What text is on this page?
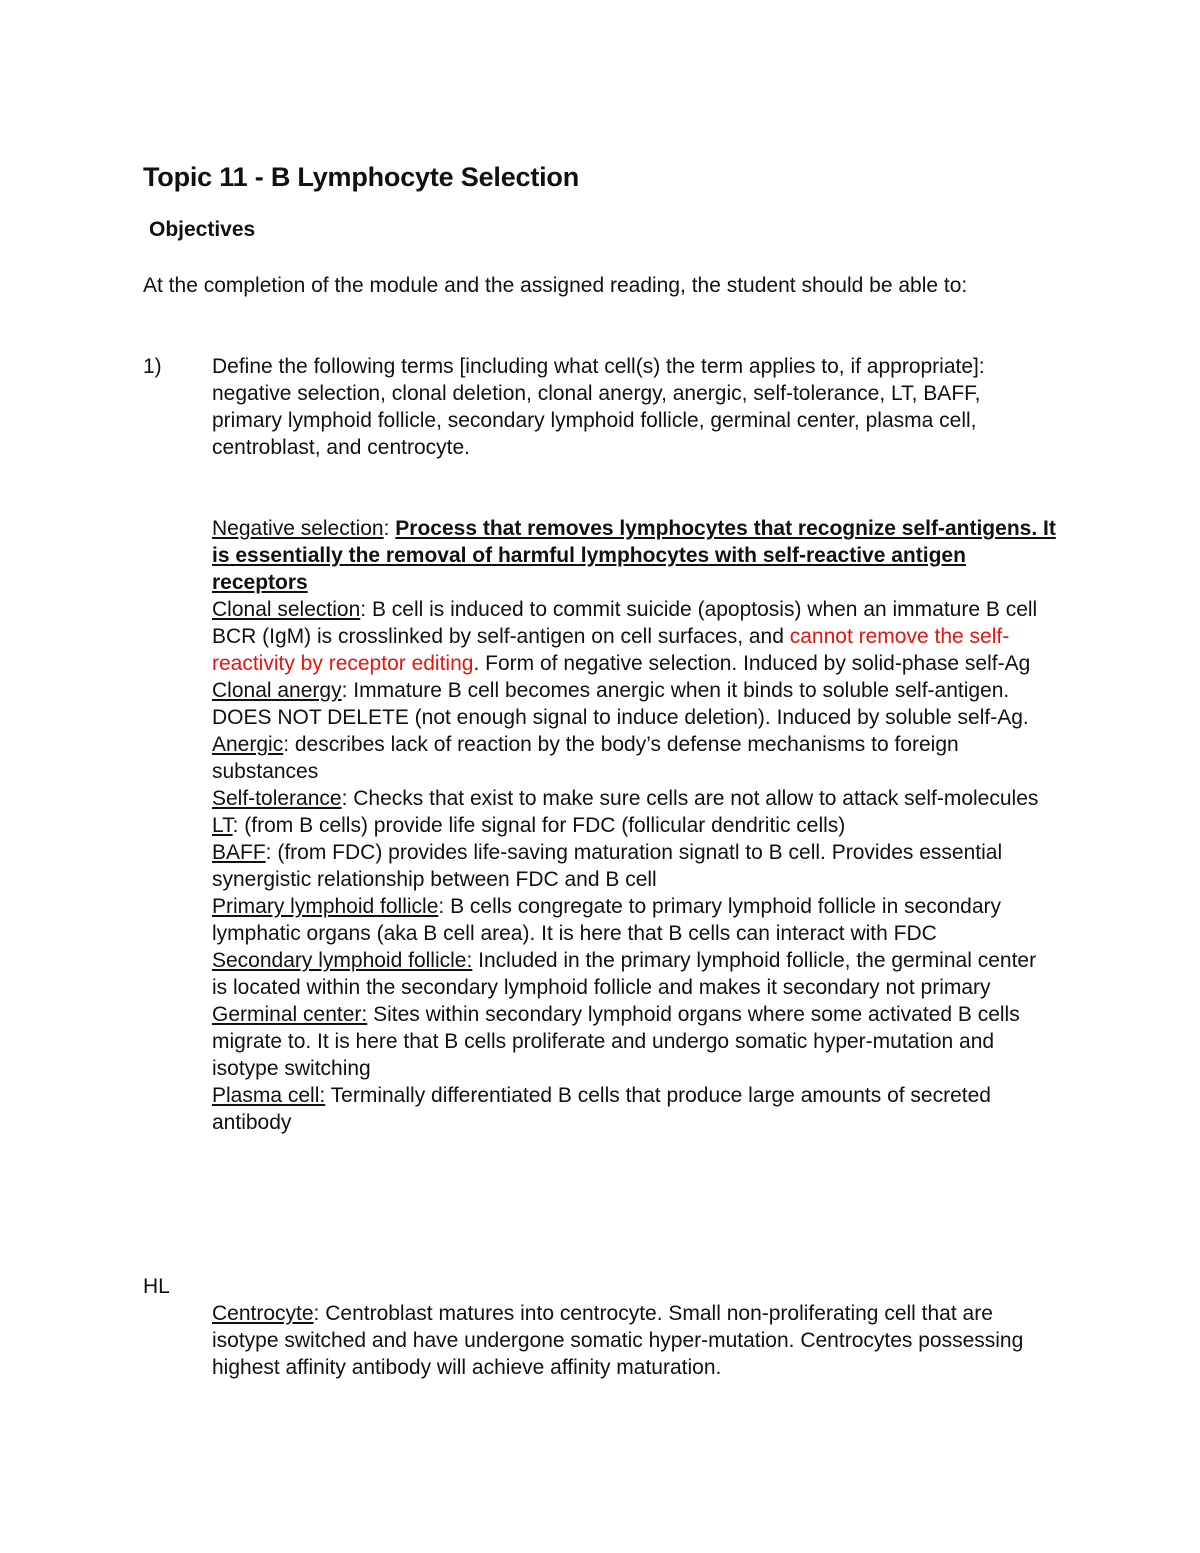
Topic 11 - B Lymphocyte Selection
Objectives

At the completion of the module and the assigned reading, the student should be able to:

1) Define the following terms [including what cell(s) the term applies to, if appropriate]:
negative selection, clonal deletion, clonal anergy, anergic, self-tolerance, LT, BAFF, primary lymphoid follicle, secondary lymphoid follicle, germinal center, plasma cell, centroblast, and centrocyte.

Negative selection: Process that removes lymphocytes that recognize self-antigens. It is essentially the removal of harmful lymphocytes with self-reactive antigen receptors

Clonal selection: B cell is induced to commit suicide (apoptosis) when an immature B cell BCR (IgM) is crosslinked by self-antigen on cell surfaces, and cannot remove the self-reactivity by receptor editing. Form of negative selection. Induced by solid-phase self-Ag

Clonal anergy: Immature B cell becomes anergic when it binds to soluble self-antigen. DOES NOT DELETE (not enough signal to induce deletion). Induced by soluble self-Ag.

Anergic: describes lack of reaction by the body’s defense mechanisms to foreign substances

Self-tolerance: Checks that exist to make sure cells are not allow to attack self-molecules

LT: (from B cells) provide life signal for FDC (follicular dendritic cells)

BAFF: (from FDC) provides life-saving maturation signatl to B cell. Provides essential synergistic relationship between FDC and B cell

Primary lymphoid follicle: B cells congregate to primary lymphoid follicle in secondary lymphatic organs (aka B cell area). It is here that B cells can interact with FDC

Secondary lymphoid follicle: Included in the primary lymphoid follicle, the germinal center is located within the secondary lymphoid follicle and makes it secondary not primary

Germinal center: Sites within secondary lymphoid organs where some activated B cells migrate to. It is here that B cells proliferate and undergo somatic hyper-mutation and isotype switching

Plasma cell: Terminally differentiated B cells that produce large amounts of secreted antibody

HL

Centrocyte: Centroblast matures into centrocyte. Small non-proliferating cell that are isotype switched and have undergone somatic hyper-mutation. Centrocytes possessing highest affinity antibody will achieve affinity maturation.
